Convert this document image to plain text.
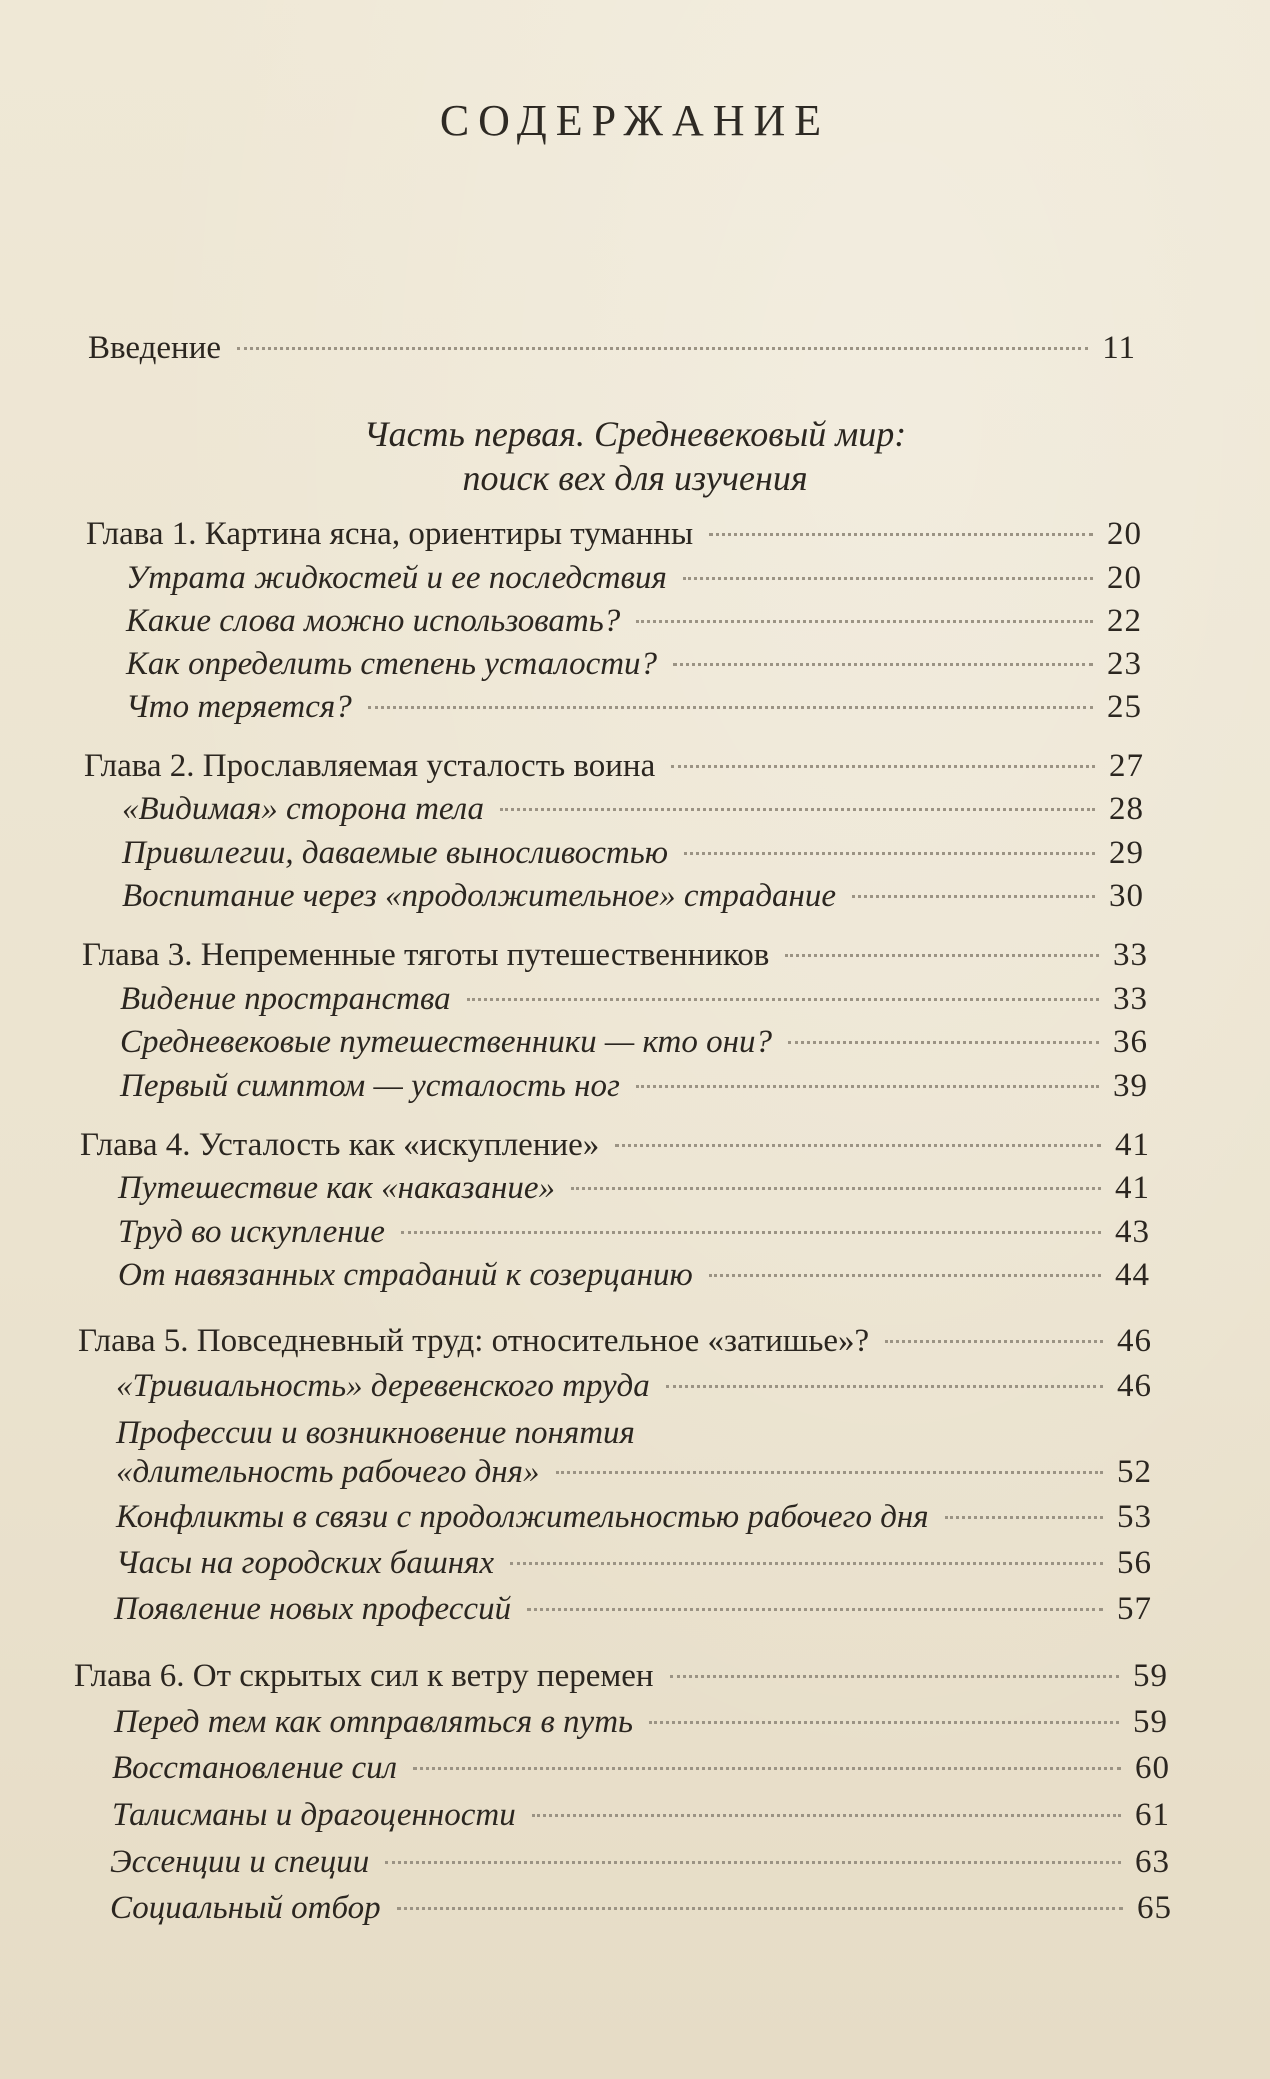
СОДЕРЖАНИЕ
Введение	11
Часть первая. Средневековый мир:
поиск вех для изучения
Глава 1. Картина ясна, ориентиры туманны	20
Утрата жидкостей и ее последствия	20
Какие слова можно использовать?	22
Как определить степень усталости?	23
Что теряется?	25
Глава 2. Прославляемая усталость воина	27
«Видимая» сторона тела	28
Привилегии, даваемые выносливостью	29
Воспитание через «продолжительное» страдание	30
Глава 3. Непременные тяготы путешественников	33
Видение пространства	33
Средневековые путешественники — кто они?	36
Первый симптом — усталость ног	39
Глава 4. Усталость как «искупление»	41
Путешествие как «наказание»	41
Труд во искупление	43
От навязанных страданий к созерцанию	44
Глава 5. Повседневный труд: относительное «затишье»?	46
«Тривиальность» деревенского труда	46
Профессии и возникновение понятия
«длительность рабочего дня»	52
Конфликты в связи с продолжительностью рабочего дня	53
Часы на городских башнях	56
Появление новых профессий	57
Глава 6. От скрытых сил к ветру перемен	59
Перед тем как отправляться в путь	59
Восстановление сил	60
Талисманы и драгоценности	61
Эссенции и специи	63
Социальный отбор	65
